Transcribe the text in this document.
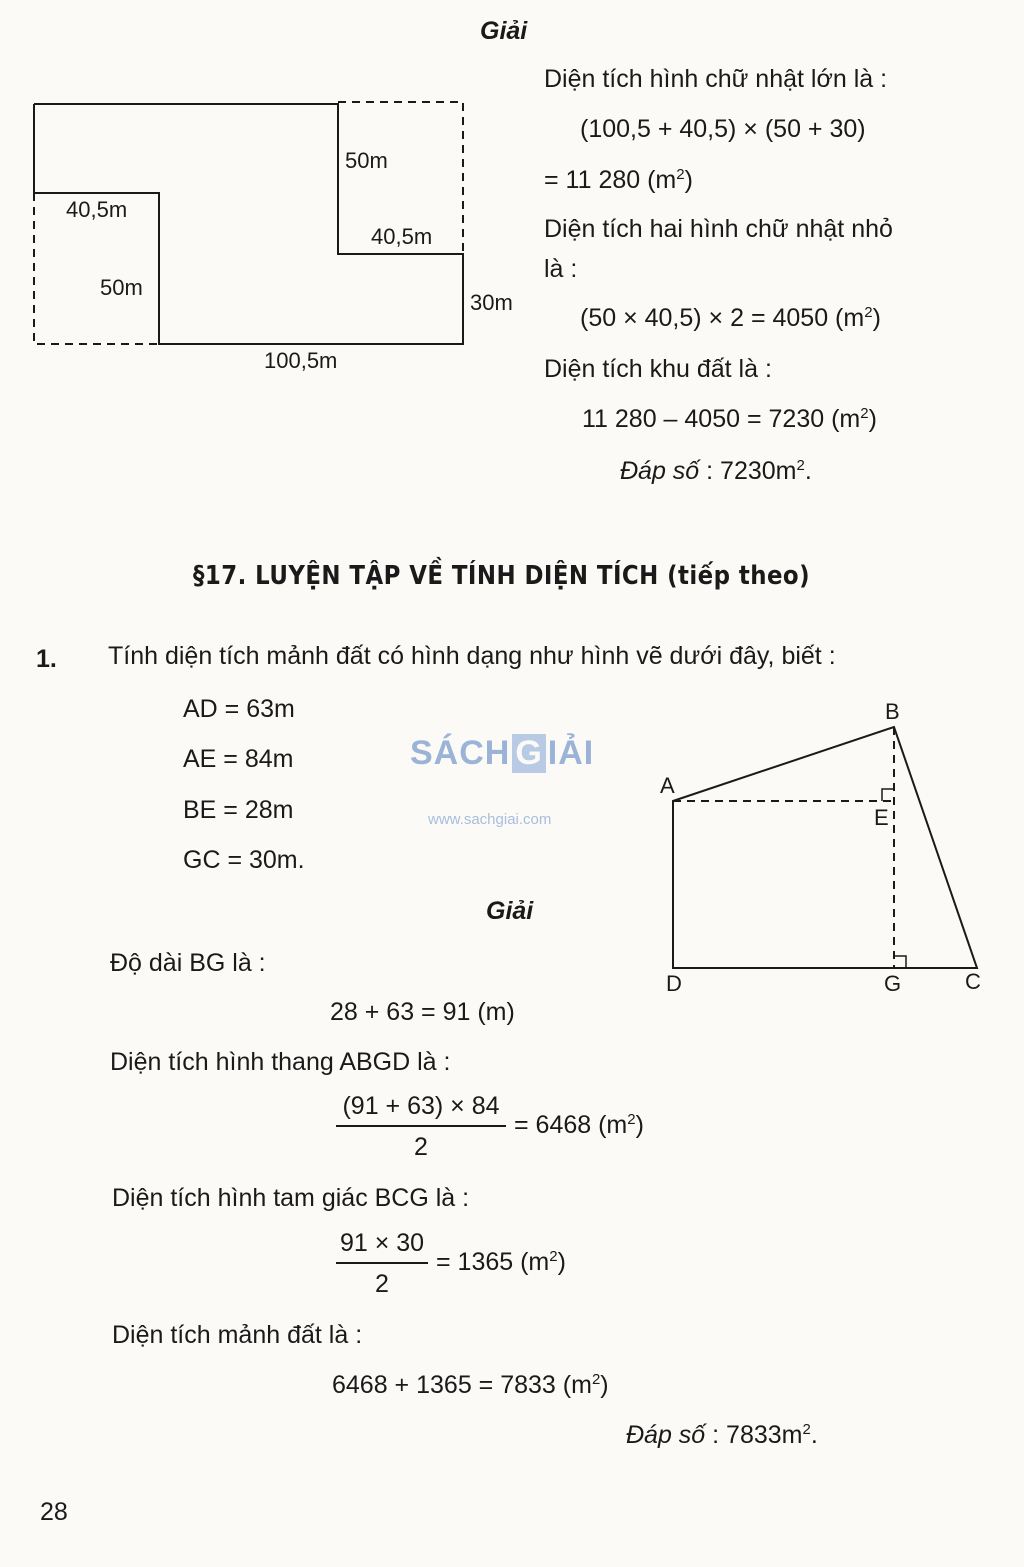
Giải
40,5m
50m
50m
40,5m
30m
100,5m
Diện tích hình chữ nhật lớn là :
(100,5 + 40,5) × (50 + 30)
= 11 280 $(m^2)$
Diện tích hai hình chữ nhật nhỏ
là :
(50 × 40,5) × 2 = 4050 $(m^2)$
Diện tích khu đất là :
11 280 – 4050 = 7230 $(m^2)$
Đáp số : $7230m^2$.
§17. LUYỆN TẬP VỀ TÍNH DIỆN TÍCH (tiếp theo)
1. Tính diện tích mảnh đất có hình dạng như hình vẽ dưới đây, biết :
AD = 63m
AE = 84m
BE = 28m
GC = 30m.
SÁCH G IẢI
www.sachgiai.com
B
A
E
D	G	C
Giải
Độ dài BG là :
28 + 63 = 91 (m)
Diện tích hình thang ABGD là :
$\frac{(91 + 63) \times 84}{2} = 6468$ $(m^2)$
Diện tích hình tam giác BCG là :
$\frac{91 \times 30}{2} = 1365$ $(m^2)$
Diện tích mảnh đất là :
6468 + 1365 = 7833 $(m^2)$
Đáp số : $7833m^2$.
28
